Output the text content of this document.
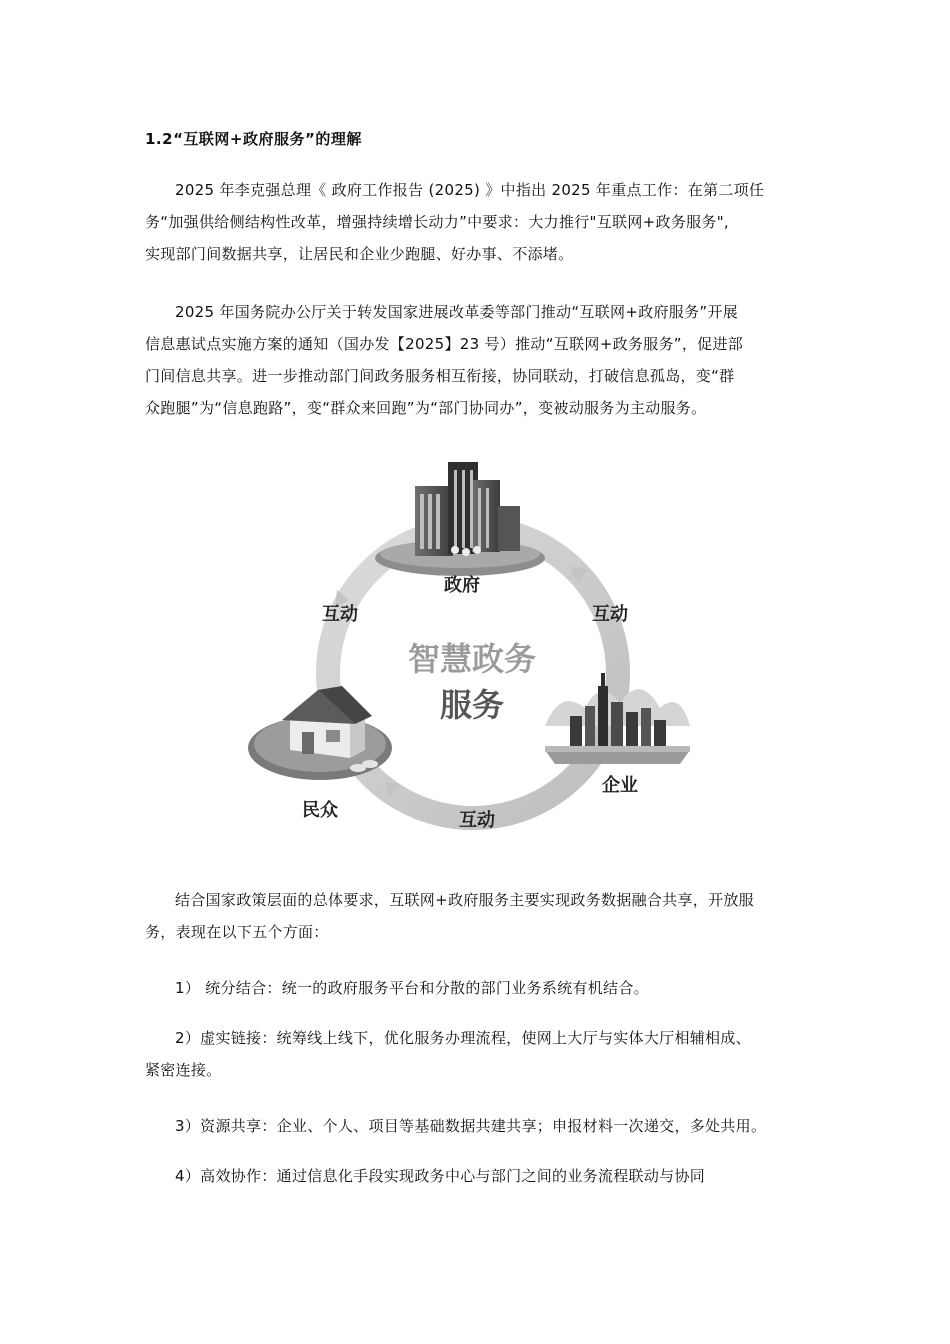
1.2“互联网+政府服务”的理解

2025 年李克强总理《 政府工作报告 (2025) 》中指出 2025 年重点工作：在第二项任
务“加强供给侧结构性改革，增强持续增长动力”中要求：大力推行"互联网+政务服务",
实现部门间数据共享，让居民和企业少跑腿、好办事、不添堵。

2025 年国务院办公厅关于转发国家进展改革委等部门推动“互联网+政府服务”开展
信息惠试点实施方案的通知（国办发【2025】23 号）推动“互联网+政务服务”，促进部
门间信息共享。进一步推动部门间政务服务相互衔接，协同联动，打破信息孤岛，变“群
众跑腿”为“信息跑路”，变“群众来回跑”为“部门协同办”，变被动服务为主动服务。

智慧政务
服务
政府
企业
民众
互动	互动
互动

结合国家政策层面的总体要求，互联网+政府服务主要实现政务数据融合共享，开放服
务，表现在以下五个方面：

1） 统分结合：统一的政府服务平台和分散的部门业务系统有机结合。

2）虚实链接：统筹线上线下，优化服务办理流程，使网上大厅与实体大厅相辅相成、
紧密连接。

3）资源共享：企业、个人、项目等基础数据共建共享；申报材料一次递交，多处共用。

4）高效协作：通过信息化手段实现政务中心与部门之间的业务流程联动与协同
